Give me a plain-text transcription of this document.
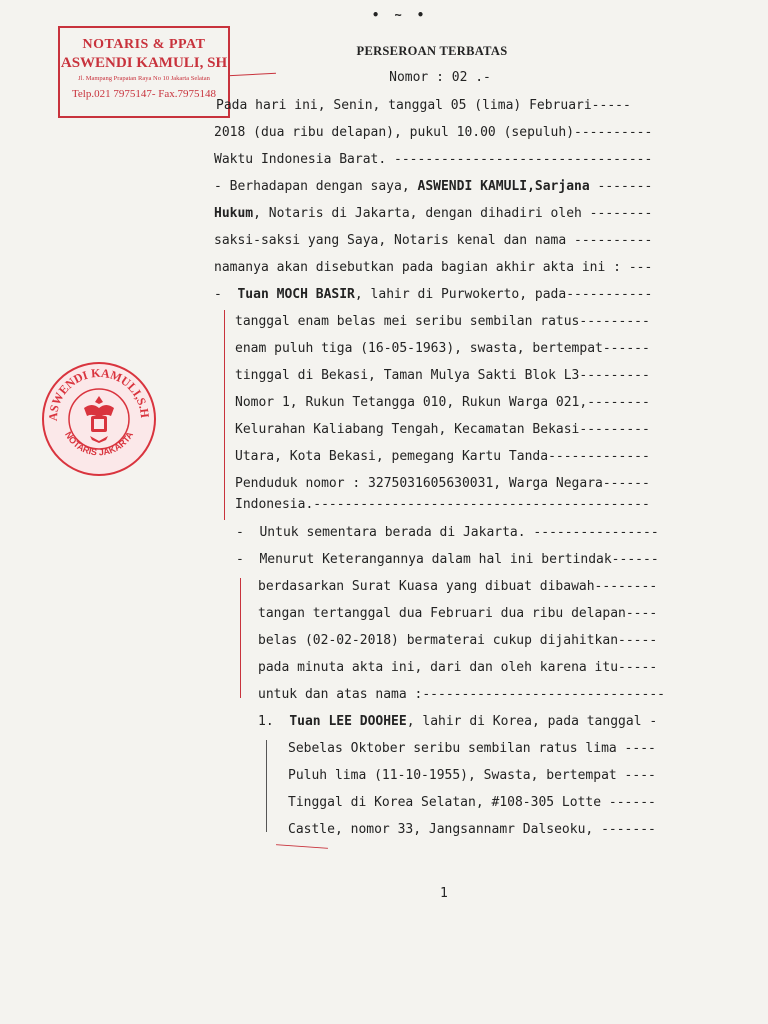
• ~ •
NOTARIS & PPAT
ASWENDI KAMULI, SH
Jl. Mampang Prapatan Raya No 10 Jakarta Selatan
Telp.021 7975147- Fax.7975148
ASWENDI KAMULI,S.H
NOTARIS JAKARTA
PERSEROAN TERBATAS
Nomor : 02 .-
Pada hari ini, Senin, tanggal 05 (lima) Februari-----
2018 (dua ribu delapan), pukul 10.00 (sepuluh)----------
Waktu Indonesia Barat. ---------------------------------
- Berhadapan dengan saya, ASWENDI KAMULI,Sarjana -------
Hukum, Notaris di Jakarta, dengan dihadiri oleh --------
saksi-saksi yang Saya, Notaris kenal dan nama ----------
namanya akan disebutkan pada bagian akhir akta ini : ---
-  Tuan MOCH BASIR, lahir di Purwokerto, pada-----------
tanggal enam belas mei seribu sembilan ratus---------
enam puluh tiga (16-05-1963), swasta, bertempat------
tinggal di Bekasi, Taman Mulya Sakti Blok L3---------
Nomor 1, Rukun Tetangga 010, Rukun Warga 021,--------
Kelurahan Kaliabang Tengah, Kecamatan Bekasi---------
Utara, Kota Bekasi, pemegang Kartu Tanda-------------
Penduduk nomor : 3275031605630031, Warga Negara------
Indonesia.-------------------------------------------
-  Untuk sementara berada di Jakarta. ----------------
-  Menurut Keterangannya dalam hal ini bertindak------
berdasarkan Surat Kuasa yang dibuat dibawah--------
tangan tertanggal dua Februari dua ribu delapan----
belas (02-02-2018) bermaterai cukup dijahitkan-----
pada minuta akta ini, dari dan oleh karena itu-----
untuk dan atas nama :-------------------------------
1.  Tuan LEE DOOHEE, lahir di Korea, pada tanggal -
Sebelas Oktober seribu sembilan ratus lima ----
Puluh lima (11-10-1955), Swasta, bertempat ----
Tinggal di Korea Selatan, #108-305 Lotte ------
Castle, nomor 33, Jangsannamr Dalseoku, -------
1
